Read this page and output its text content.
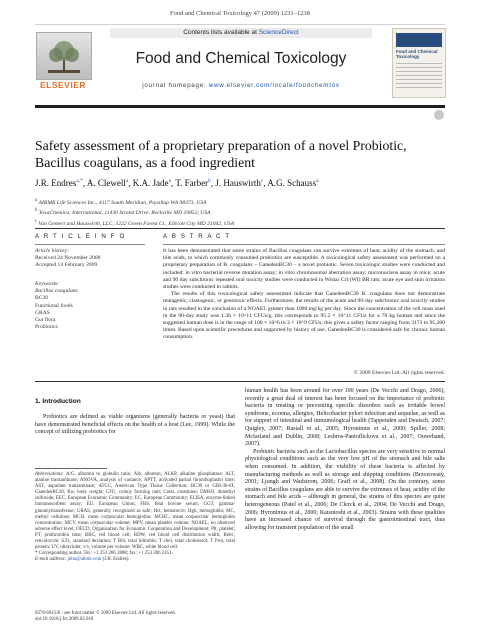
Food and Chemical Toxicology 47 (2009) 1231–1238
ELSEVIER
Contents lists available at ScienceDirect
Food and Chemical Toxicology
journal homepage: www.elsevier.com/locate/foodchemtox
Food and Chemical Toxicology
Safety assessment of a proprietary preparation of a novel Probiotic,
Bacillus coagulans, as a food ingredient
J.R. Endres$^{a,*}$, A. Clewell$^a$, K.A. Jade$^a$, T. Farber$^b$, J. Hauswirth$^c$, A.G. Schauss$^a$
$^a$ AIBMR Life Sciences Inc., 4117 South Meridian, Puyallup WA 98373, USA
$^b$ ToxaChemica, International, 11430 Strand Drive, Rockville MD 20852, USA
$^c$ Van Gemert and Hauswirth, LLC, 3222 Green Forest Ct., Ellicott City MD 21042, USA
A R T I C L E I N F O
Article history:
Received 24 November 2008
Accepted 14 February 2009
Keywords:
Bacillus coagulans
BC30
Functional foods
GRAS
Gut flora
Probiotics
A B S T R A C T

It has been demonstrated that some strains of Bacillus coagulans can survive extremes of heat, acidity of the stomach, and bile acids, to which commonly consumed probiotics are susceptible. A toxicological safety assessment was performed on a proprietary preparation of B. coagulans – GanedenBC30 – a novel probiotic. Seven toxicologic studies were conducted and included: in vitro bacterial reverse mutation assay; in vitro chromosomal aberration assay; micronucleus assay in mice; acute and 90 day subchronic repeated oral toxicity studies were conducted in Wistar Crl:(WI) BR rats; acute eye and skin irritation studies were conducted in rabbits.

The results of this toxicological safety assessment indicate that GanedenBC30 B. coagulans does not demonstrate mutagenic, clastogenic, or genotoxic effects. Furthermore, the results of the acute and 90-day subchronic oral toxicity studies in rats resulted in the conclusion of a NOAEL greater than 1000 mg/kg per day. Since the concentration of the cell mass used in the 90-day study was 1.36 × 10^11 CFUs/g, this corresponds to 95.2 × 10^11 CFUs for a 70 kg human and since the suggested human dose is in the range of 100 × 10^6 to 3 × 10^9 CFUs, this gives a safety factor ranging from 3173 to 95,200 times. Based upon scientific procedures and supported by history of use, GanedenBC30 is considered safe for chronic human consumption.

© 2009 Elsevier Ltd. All rights reserved.
1. Introduction

Probiotics are defined as viable organisms (generally bacteria or yeast) that have demonstrated beneficial effects on the health of a host (Lee, 1999). While the concept of utilizing probiotics for

Abbreviations: A/G, albumin to globulin ratio; Alb, albumin; ALKP, alkaline phosphatase; ALT, alanine transaminase; ANOVA, analysis of variance; APTT, activated partial thromboplastin time; AST, aspartate transaminase; ATCC, American Type Tissue Collection; BC30 or GBI-30-6F, GanedenBC30; Bw, body weight; CFU, colony forming unit; Creat, creatinine; DMSO, dimethyl sulfoxide; EEC, European Economic Community; EC, European Community; ELISA, enzyme-linked immunosorbent assay; EU, European Union; FBS, fetal bovine serum; GGT, gamma-glutamyltransferase; GRAS, generally recognized as safe; Hct, hematocrit; Hgb, hemoglobin; MC, methyl cellulose; MCH, mean corpuscular hemoglobin; MCHC, mean corpuscular hemoglobin concentration; MCV, mean corpuscular volume; MPV, mean platelet volume; NOAEL, no observed adverse effect level; OECD, Organization for Economic Cooperation and Development; Plt, platelet; PT, prothrombin time; RBC, red blood cell; RDW, red blood cell distribution width; Retic, reticulocyte; S.D., standard deviation; T Bili, total bilirubin; T chol, total cholesterol; T Prot, total protein; UV, ultraviolet; v/v, volume per volume; WBC, white blood cell.

* Corresponding author. Tel.: +1 253 286 2888; fax: +1 253 286 2451.

E-mail address: john@aibmr.com (J.R. Endres).

0278-6915/$ - see front matter © 2009 Elsevier Ltd. All rights reserved.
doi:10.1016/j.fct.2009.02.018

human health has been around for over 100 years (De Vecchi and Drago, 2006), recently a great deal of interest has been focused on the importance of probiotic bacteria in treating or preventing specific disorders such as irritable bowel syndrome, eczema, allergies, Helicobacter pylori infection and sequelae, as well as for support of intestinal and immunological health (Tappenden and Deutsch, 2007; Quigley, 2007; Rastall et al., 2005; Hyronimus et al., 2000; Spiller, 2008; Mcfarland and Dublin, 2008; Lesbros-Pantoflickova et al., 2007; Ouwehand, 2007).

Probiotic bacteria such as the Lactobacillus species are very sensitive to normal physiological conditions such as the very low pH of the stomach and bile salts when consumed. In addition, the viability of these bacteria is affected by manufacturing methods as well as storage and shipping conditions (Brzozowaty, 2001; Ljungh and Wadstrom, 2006; Graff et al., 2008). On the contrary, some strains of Bacillus coagulans are able to survive the extremes of heat, acidity of the stomach and bile acids – although in general, the strains of this species are quite heterogeneous (Patel et al., 2006; De Clerck et al., 2004; De Vecchi and Drago, 2006; Hyronimus et al., 2000; Katsutoshi et al., 2003). Strains with these qualities have an increased chance of survival through the gastrointestinal tract, thus allowing for transient population of the small
